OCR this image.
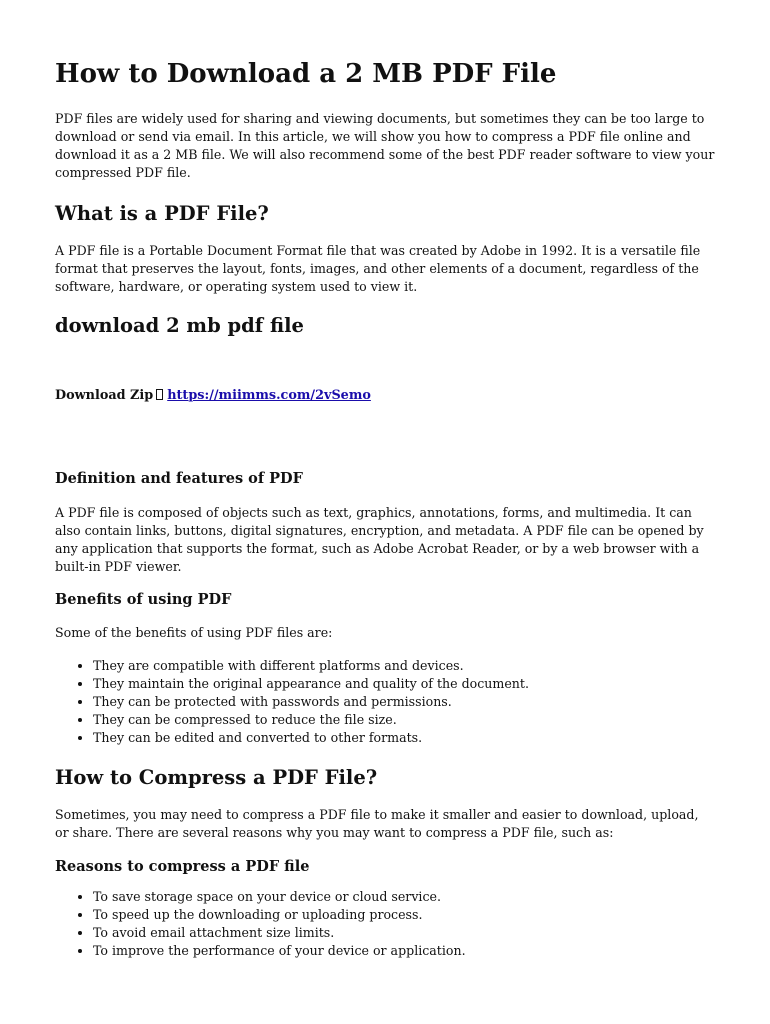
How to Download a 2 MB PDF File

PDF files are widely used for sharing and viewing documents, but sometimes they can be too large to download or send via email. In this article, we will show you how to compress a PDF file online and download it as a 2 MB file. We will also recommend some of the best PDF reader software to view your compressed PDF file.

What is a PDF File?

A PDF file is a Portable Document Format file that was created by Adobe in 1992. It is a versatile file format that preserves the layout, fonts, images, and other elements of a document, regardless of the software, hardware, or operating system used to view it.

download 2 mb pdf file

Download Zip https://miimms.com/2vSemo

Definition and features of PDF

A PDF file is composed of objects such as text, graphics, annotations, forms, and multimedia. It can also contain links, buttons, digital signatures, encryption, and metadata. A PDF file can be opened by any application that supports the format, such as Adobe Acrobat Reader, or by a web browser with a built-in PDF viewer.

Benefits of using PDF

Some of the benefits of using PDF files are:

• They are compatible with different platforms and devices.
• They maintain the original appearance and quality of the document.
• They can be protected with passwords and permissions.
• They can be compressed to reduce the file size.
• They can be edited and converted to other formats.
How to Compress a PDF File?

Sometimes, you may need to compress a PDF file to make it smaller and easier to download, upload, or share. There are several reasons why you may want to compress a PDF file, such as:

Reasons to compress a PDF file
• To save storage space on your device or cloud service.
• To speed up the downloading or uploading process.
• To avoid email attachment size limits.
• To improve the performance of your device or application.
